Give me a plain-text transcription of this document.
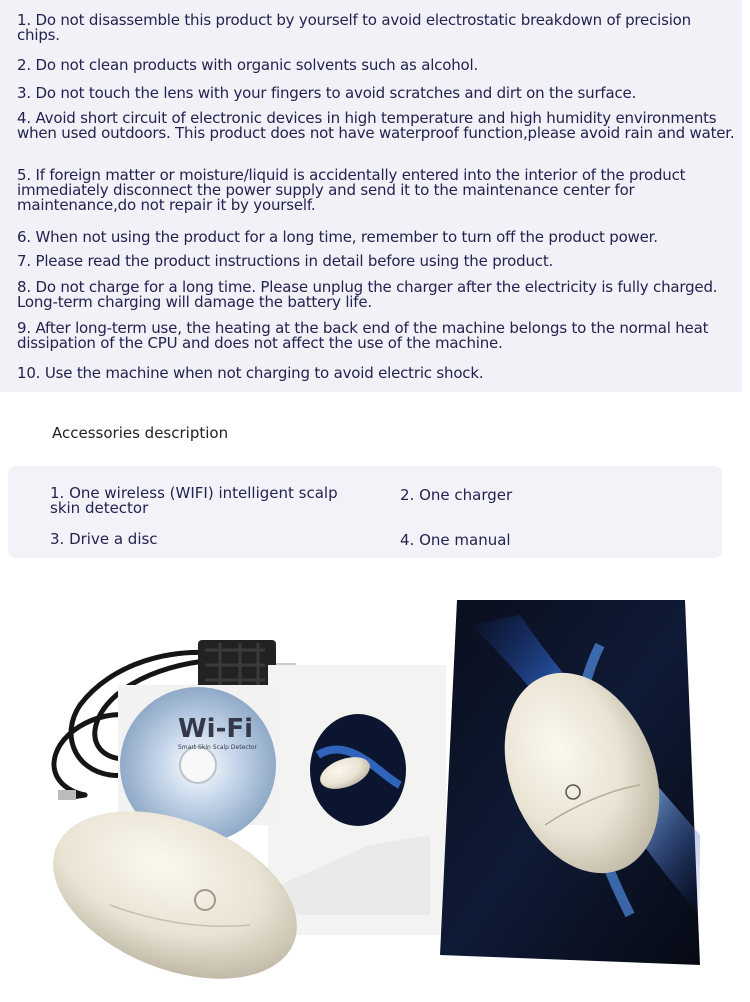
1. Do not disassemble this product by yourself to avoid electrostatic breakdown of precision chips.
2. Do not clean products with organic solvents such as alcohol.
3. Do not touch the lens with your fingers to avoid scratches and dirt on the surface.
4. Avoid short circuit of electronic devices in high temperature and high humidity environments when used outdoors. This product does not have waterproof function,please avoid rain and water.
5. If foreign matter or moisture/liquid is accidentally entered into the interior of the product immediately disconnect the power supply and send it to the maintenance center for maintenance,do not repair it by yourself.
6. When not using the product for a long time, remember to turn off the product power.
7. Please read the product instructions in detail before using the product.
8. Do not charge for a long time. Please unplug the charger after the electricity is fully charged. Long-term charging will damage the battery life.
9. After long-term use, the heating at the back end of the machine belongs to the normal heat dissipation of the CPU and does not affect the use of the machine.
10. Use the machine when not charging to avoid electric shock.
Accessories description
1. One wireless (WIFI) intelligent scalp skin detector
2. One charger
3. Drive a disc	4. One manual
Wi-Fi
Smart Skin Scalp Detector
